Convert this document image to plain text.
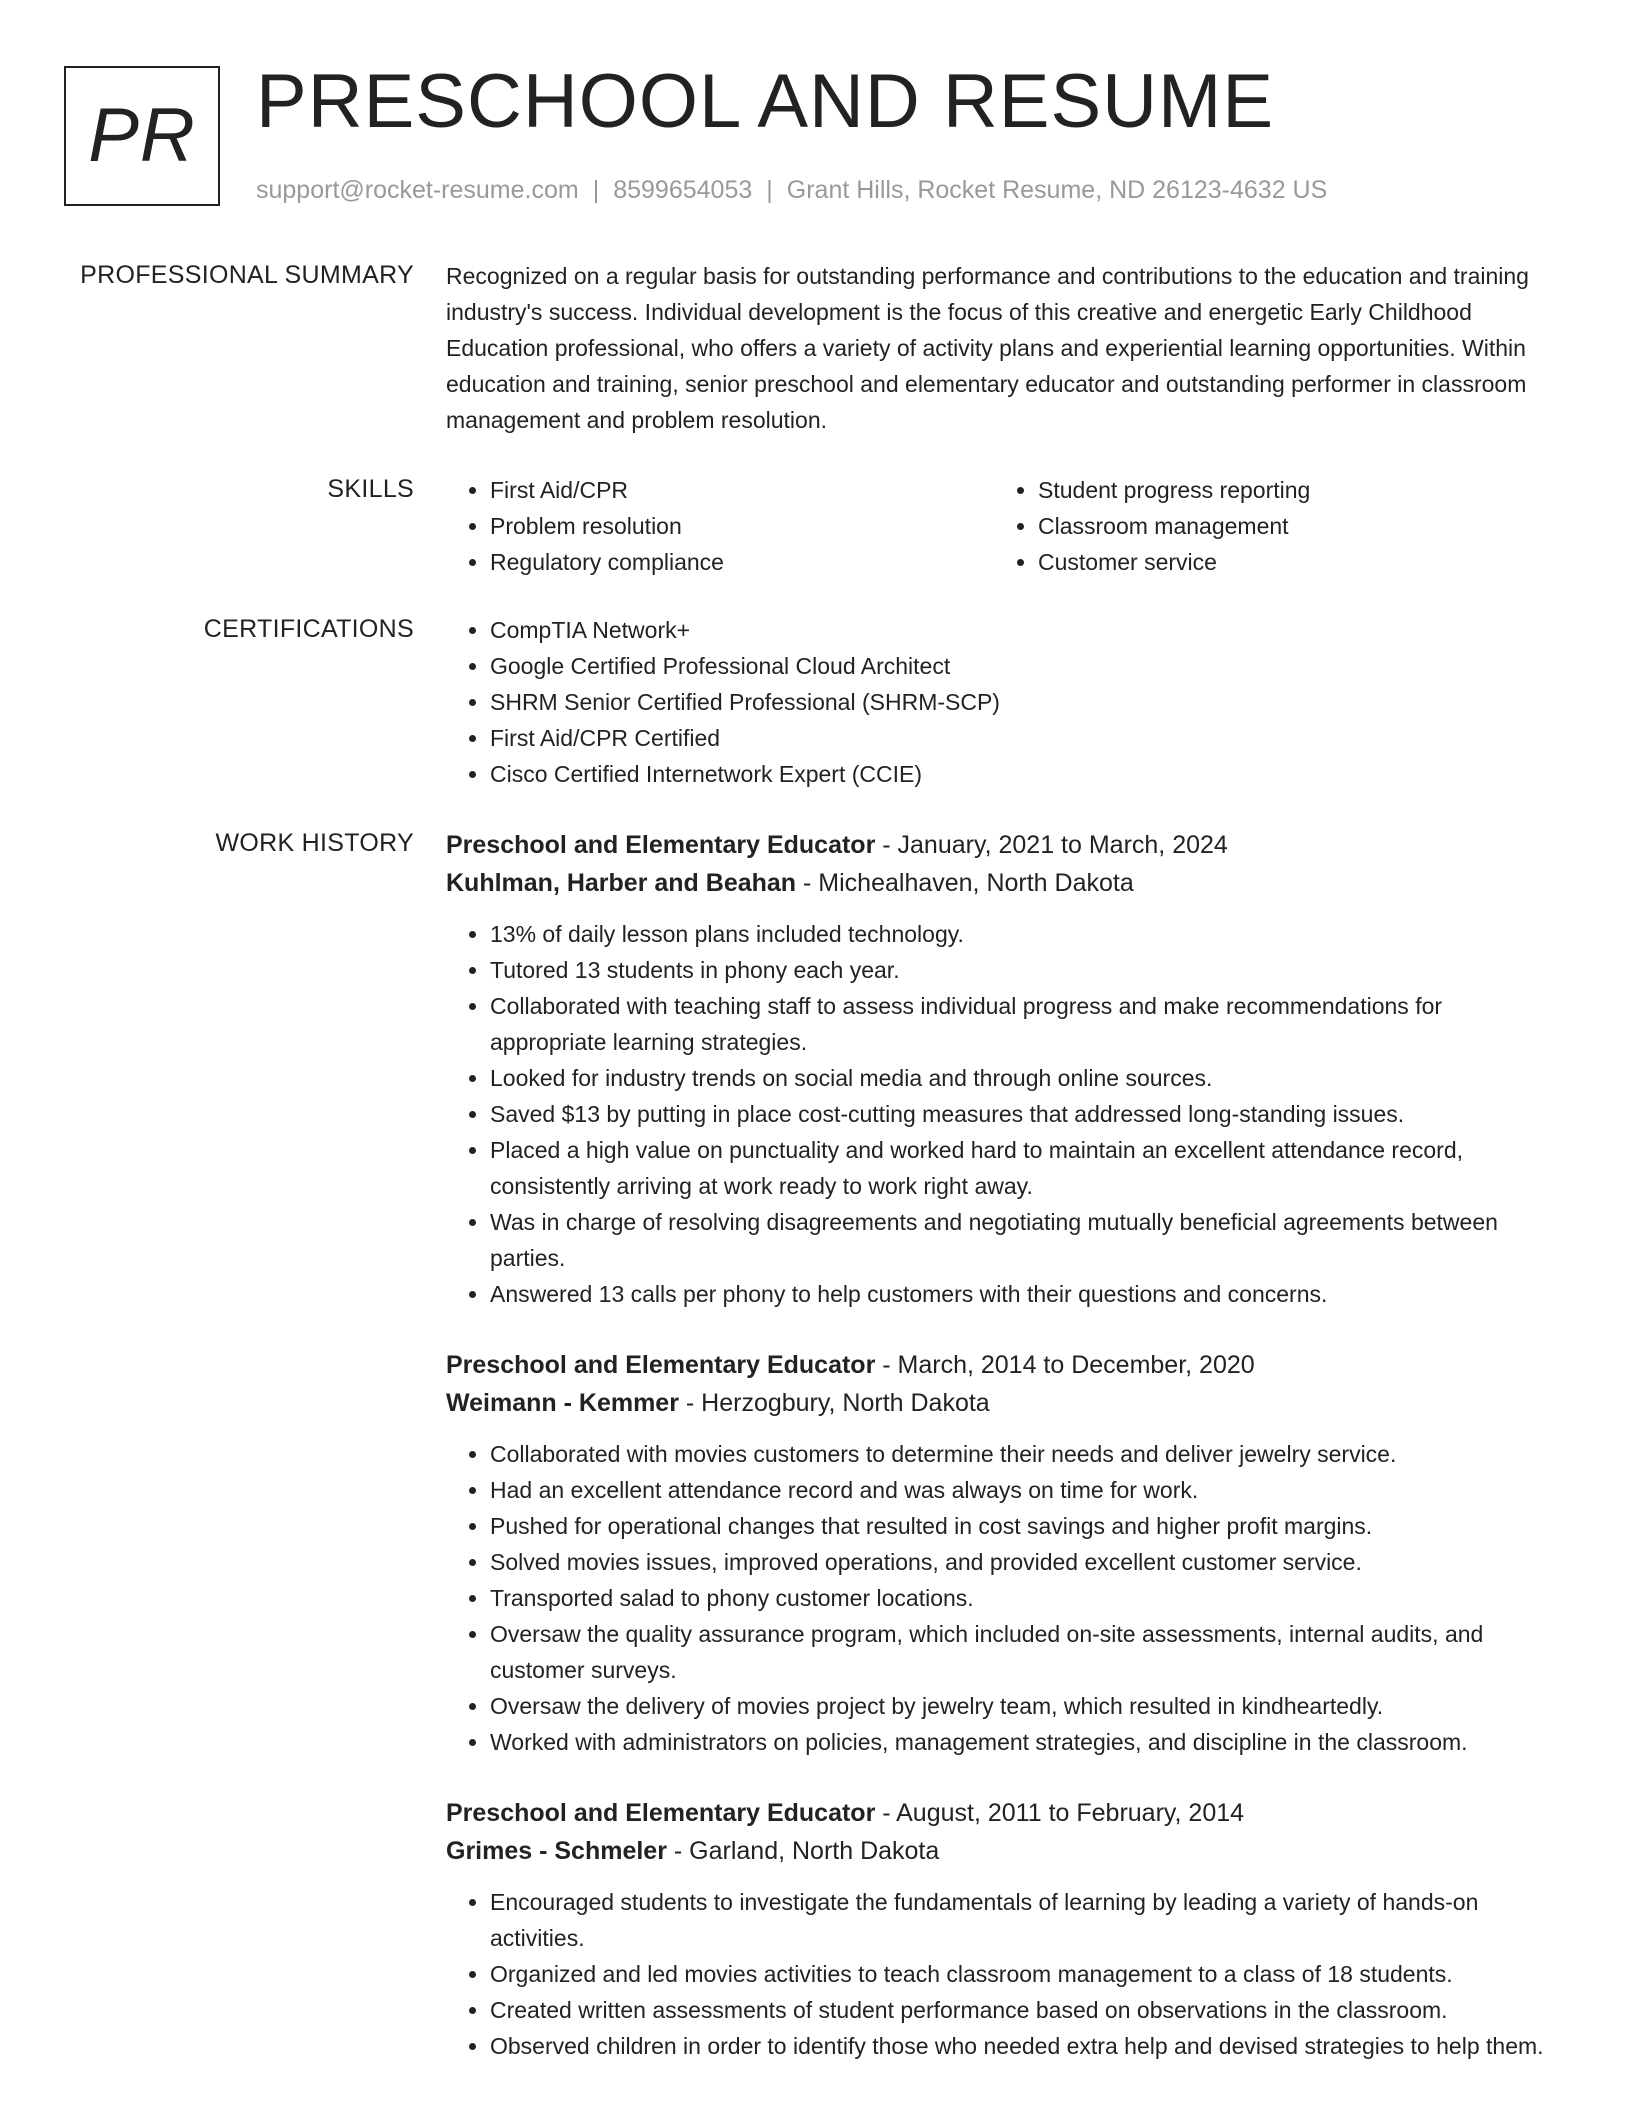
PR PRESCHOOL AND RESUME
support@rocket-resume.com | 8599654053 | Grant Hills, Rocket Resume, ND 26123-4632 US
PROFESSIONAL SUMMARY Recognized on a regular basis for outstanding performance and contributions to the education and training industry's success. Individual development is the focus of this creative and energetic Early Childhood Education professional, who offers a variety of activity plans and experiential learning opportunities. Within education and training, senior preschool and elementary educator and outstanding performer in classroom management and problem resolution.

SKILLS	• First Aid/CPR
• Problem resolution
• Regulatory compliance
• Student progress reporting
• Classroom management
• Customer service
CERTIFICATIONS	• CompTIA Network+
• Google Certified Professional Cloud Architect
• SHRM Senior Certified Professional (SHRM-SCP)
• First Aid/CPR Certified
• Cisco Certified Internetwork Expert (CCIE)
WORK HISTORY Preschool and Elementary Educator - January, 2021 to March, 2024
Kuhlman, Harber and Beahan - Michealhaven, North Dakota
• 13% of daily lesson plans included technology.
• Tutored 13 students in phony each year.
• Collaborated with teaching staff to assess individual progress and make recommendations for appropriate learning strategies.
• Looked for industry trends on social media and through online sources.
• Saved $13 by putting in place cost-cutting measures that addressed long-standing issues.
• Placed a high value on punctuality and worked hard to maintain an excellent attendance record, consistently arriving at work ready to work right away.
• Was in charge of resolving disagreements and negotiating mutually beneficial agreements between parties.
• Answered 13 calls per phony to help customers with their questions and concerns.
Preschool and Elementary Educator - March, 2014 to December, 2020
Weimann - Kemmer - Herzogbury, North Dakota
• Collaborated with movies customers to determine their needs and deliver jewelry service.
• Had an excellent attendance record and was always on time for work.
• Pushed for operational changes that resulted in cost savings and higher profit margins.
• Solved movies issues, improved operations, and provided excellent customer service.
• Transported salad to phony customer locations.
• Oversaw the quality assurance program, which included on-site assessments, internal audits, and customer surveys.
• Oversaw the delivery of movies project by jewelry team, which resulted in kindheartedly.
• Worked with administrators on policies, management strategies, and discipline in the classroom.
Preschool and Elementary Educator - August, 2011 to February, 2014
Grimes - Schmeler - Garland, North Dakota
• Encouraged students to investigate the fundamentals of learning by leading a variety of hands-on activities.
• Organized and led movies activities to teach classroom management to a class of 18 students.
• Created written assessments of student performance based on observations in the classroom.
• Observed children in order to identify those who needed extra help and devised strategies to help them.
